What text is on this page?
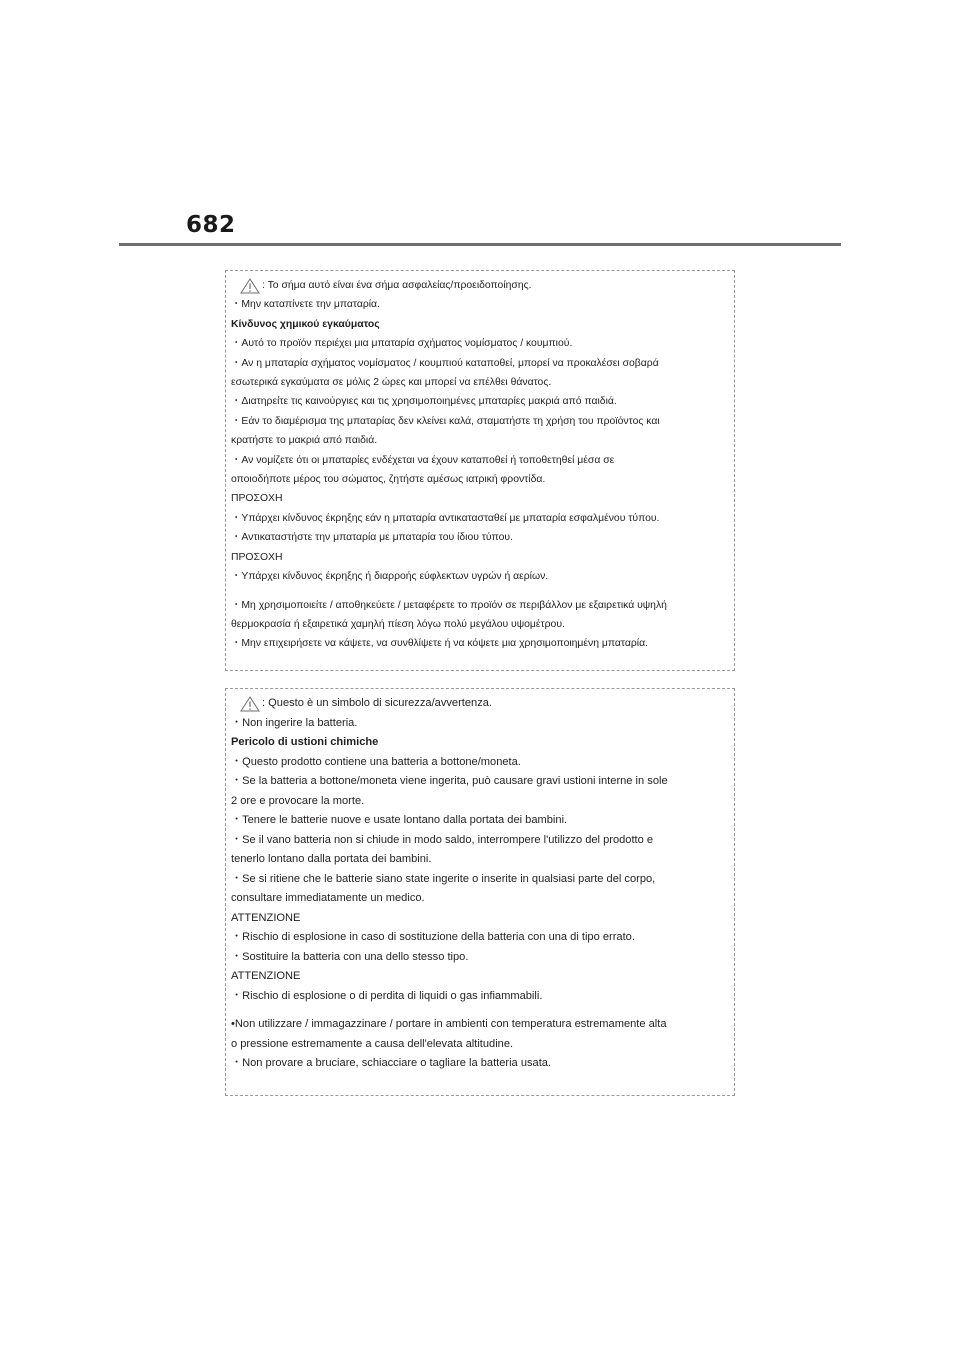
682
: Το σήμα αυτό είναι ένα σήμα ασφαλείας/προειδοποίησης.
・Μην καταπίνετε την μπαταρία.
Κίνδυνος χημικού εγκαύματος
・Αυτό το προϊόν περιέχει μια μπαταρία σχήματος νομίσματος / κουμπιού.
・Αν η μπαταρία σχήματος νομίσματος / κουμπιού καταποθεί, μπορεί να προκαλέσει σοβαρά
εσωτερικά εγκαύματα σε μόλις 2 ώρες και μπορεί να επέλθει θάνατος.
・Διατηρείτε τις καινούργιες και τις χρησιμοποιημένες μπαταρίες μακριά από παιδιά.
・Εάν το διαμέρισμα της μπαταρίας δεν κλείνει καλά, σταματήστε τη χρήση του προϊόντος και
κρατήστε το μακριά από παιδιά.
・Αν νομίζετε ότι οι μπαταρίες ενδέχεται να έχουν καταποθεί ή τοποθετηθεί μέσα σε
οποιοδήποτε μέρος του σώματος, ζητήστε αμέσως ιατρική φροντίδα.
ΠΡΟΣΟΧΗ
・Υπάρχει κίνδυνος έκρηξης εάν η μπαταρία αντικατασταθεί με μπαταρία εσφαλμένου τύπου.
・Αντικαταστήστε την μπαταρία με μπαταρία του ίδιου τύπου.
ΠΡΟΣΟΧΗ
・Υπάρχει κίνδυνος έκρηξης ή διαρροής εύφλεκτων υγρών ή αερίων.
・Μη χρησιμοποιείτε / αποθηκεύετε / μεταφέρετε το προϊόν σε περιβάλλον με εξαιρετικά υψηλή
θερμοκρασία ή εξαιρετικά χαμηλή πίεση λόγω πολύ μεγάλου υψομέτρου.
・Μην επιχειρήσετε να κάψετε, να συνθλίψετε ή να κόψετε μια χρησιμοποιημένη μπαταρία.
: Questo è un simbolo di sicurezza/avvertenza.
・Non ingerire la batteria.
Pericolo di ustioni chimiche
・Questo prodotto contiene una batteria a bottone/moneta.
・Se la batteria a bottone/moneta viene ingerita, può causare gravi ustioni interne in sole
2 ore e provocare la morte.
・Tenere le batterie nuove e usate lontano dalla portata dei bambini.
・Se il vano batteria non si chiude in modo saldo, interrompere l'utilizzo del prodotto e
tenerlo lontano dalla portata dei bambini.
・Se si ritiene che le batterie siano state ingerite o inserite in qualsiasi parte del corpo,
consultare immediatamente un medico.
ATTENZIONE
・Rischio di esplosione in caso di sostituzione della batteria con una di tipo errato.
・Sostituire la batteria con una dello stesso tipo.
ATTENZIONE
・Rischio di esplosione o di perdita di liquidi o gas infiammabili.
•Non utilizzare / immagazzinare / portare in ambienti con temperatura estremamente alta
o pressione estremamente a causa dell'elevata altitudine.
・Non provare a bruciare, schiacciare o tagliare la batteria usata.
